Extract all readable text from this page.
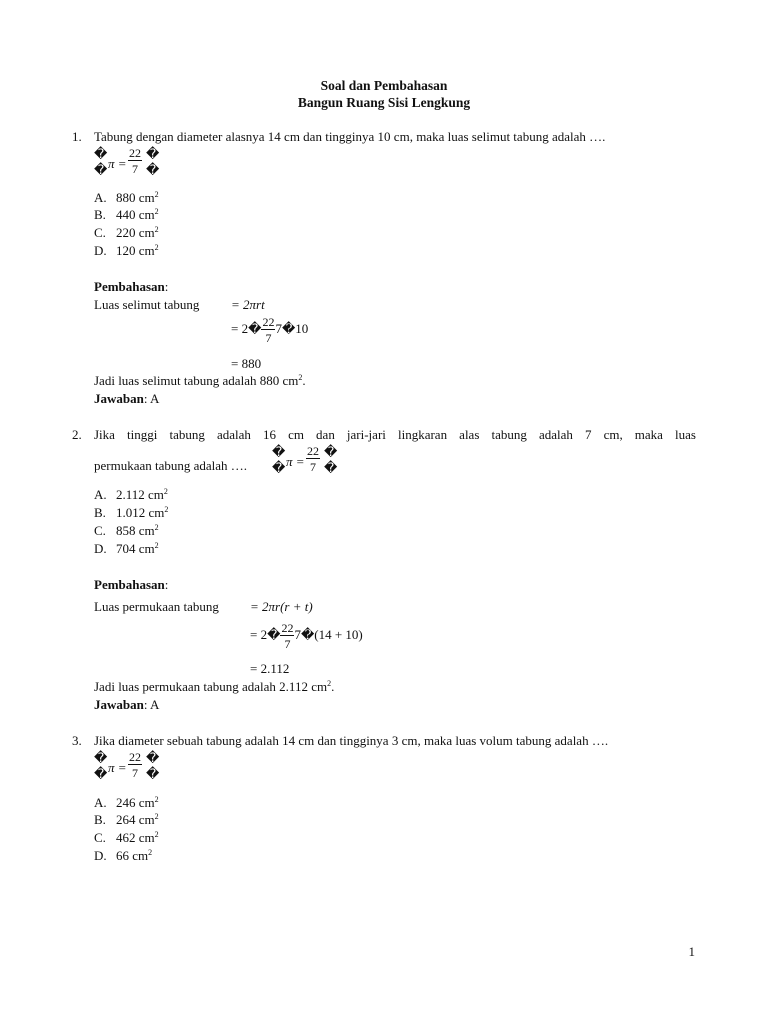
Soal dan Pembahasan
Bangun Ruang Sisi Lengkung
1. Tabung dengan diameter alasnya 14 cm dan tingginya 10 cm, maka luas selimut tabung adalah ….
�
� $\pi = \frac{22}{7}$ �
�
A. 880 $cm^2$
B. 440 $cm^2$
C. 220 $cm^2$
D. 120 $cm^2$
Pembahasan:
Luas selimut tabung = 2πrt
= 2� $\frac{22}{7}$ 7�10
= 880
Jadi luas selimut tabung adalah 880 $cm^2$.
Jawaban: A
2. Jika tinggi tabung adalah 16 cm dan jari-jari lingkaran alas tabung adalah 7 cm, maka luas
permukaan tabung adalah ….
�
� $\pi = \frac{22}{7}$ �
�
A. 2.112 $cm^2$
B. 1.012 $cm^2$
C. 858 $cm^2$
D. 704 $cm^2$
Pembahasan:
Luas permukaan tabung = 2πr(r + t)
= 2� $\frac{22}{7}$ 7�(14 + 10)
= 2.112
Jadi luas permukaan tabung adalah 2.112 $cm^2$.
Jawaban: A
3. Jika diameter sebuah tabung adalah 14 cm dan tingginya 3 cm, maka luas volum tabung adalah ….
�
� $\pi = \frac{22}{7}$ �
�
A. 246 $cm^2$
B. 264 $cm^2$
C. 462 $cm^2$
D. 66 $cm^2$
1
